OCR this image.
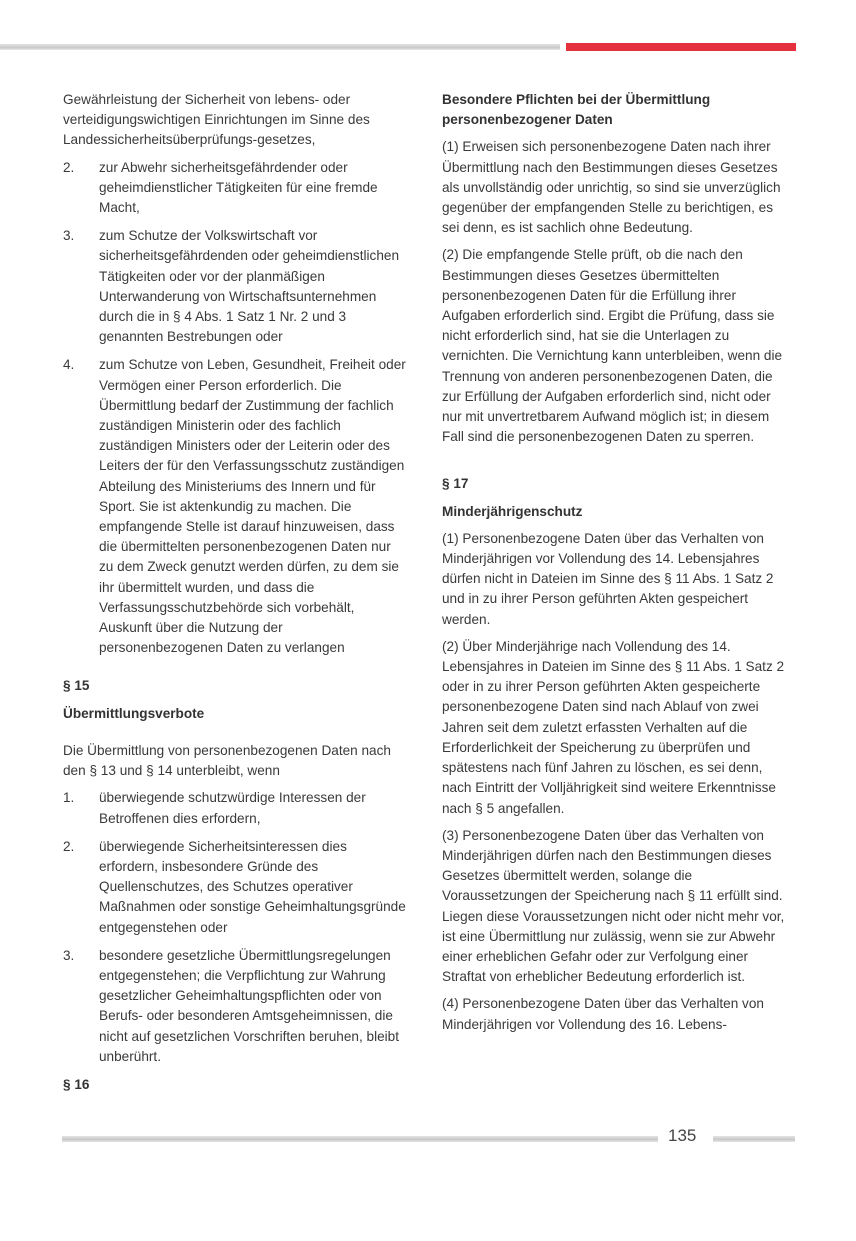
Gewährleistung der Sicherheit von lebens- oder verteidigungswichtigen Einrichtungen im Sinne des Landessicherheitsüberprüfungs-gesetzes,

2.	zur Abwehr sicherheitsgefährdender oder geheimdienstlicher Tätigkeiten für eine fremde Macht,
3.	zum Schutze der Volkswirtschaft vor sicherheitsgefährdenden oder geheimdienstlichen Tätigkeiten oder vor der planmäßigen Unterwanderung von Wirtschaftsunternehmen durch die in § 4 Abs. 1 Satz 1 Nr. 2 und 3 genannten Bestrebungen oder
4.	zum Schutze von Leben, Gesundheit, Freiheit oder Vermögen einer Person erforderlich. Die Übermittlung bedarf der Zustimmung der fachlich zuständigen Ministerin oder des fachlich zuständigen Ministers oder der Leiterin oder des Leiters der für den Verfassungsschutz zuständigen Abteilung des Ministeriums des Innern und für Sport. Sie ist aktenkundig zu machen. Die empfangende Stelle ist darauf hinzuweisen, dass die übermittelten personenbezogenen Daten nur zu dem Zweck genutzt werden dürfen, zu dem sie ihr übermittelt wurden, und dass die Verfassungsschutzbehörde sich vorbehält, Auskunft über die Nutzung der personenbezogenen Daten zu verlangen

§ 15

Übermittlungsverbote

Die Übermittlung von personenbezogenen Daten nach den § 13 und § 14 unterbleibt, wenn

1.	überwiegende schutzwürdige Interessen der Betroffenen dies erfordern,
2.	überwiegende Sicherheitsinteressen dies erfordern, insbesondere Gründe des Quellenschutzes, des Schutzes operativer Maßnahmen oder sonstige Geheimhaltungsgründe entgegenstehen oder
3.	besondere gesetzliche Übermittlungsregelungen entgegenstehen; die Verpflichtung zur Wahrung gesetzlicher Geheimhaltungspflichten oder von Berufs- oder besonderen Amtsgeheimnissen, die nicht auf gesetzlichen Vorschriften beruhen, bleibt unberührt.

§ 16

Besondere Pflichten bei der Übermittlung personenbezogener Daten

(1) Erweisen sich personenbezogene Daten nach ihrer Übermittlung nach den Bestimmungen dieses Gesetzes als unvollständig oder unrichtig, so sind sie unverzüglich gegenüber der empfangenden Stelle zu berichtigen, es sei denn, es ist sachlich ohne Bedeutung.

(2) Die empfangende Stelle prüft, ob die nach den Bestimmungen dieses Gesetzes übermittelten personenbezogenen Daten für die Erfüllung ihrer Aufgaben erforderlich sind. Ergibt die Prüfung, dass sie nicht erforderlich sind, hat sie die Unterlagen zu vernichten. Die Vernichtung kann unterbleiben, wenn die Trennung von anderen personenbezogenen Daten, die zur Erfüllung der Aufgaben erforderlich sind, nicht oder nur mit unvertretbarem Aufwand möglich ist; in diesem Fall sind die personenbezogenen Daten zu sperren.

§ 17

Minderjährigenschutz

(1) Personenbezogene Daten über das Verhalten von Minderjährigen vor Vollendung des 14. Lebensjahres dürfen nicht in Dateien im Sinne des § 11 Abs. 1 Satz 2 und in zu ihrer Person geführten Akten gespeichert werden.

(2) Über Minderjährige nach Vollendung des 14. Lebensjahres in Dateien im Sinne des § 11 Abs. 1 Satz 2 oder in zu ihrer Person geführten Akten gespeicherte personenbezogene Daten sind nach Ablauf von zwei Jahren seit dem zuletzt erfassten Verhalten auf die Erforderlichkeit der Speicherung zu überprüfen und spätestens nach fünf Jahren zu löschen, es sei denn, nach Eintritt der Volljährigkeit sind weitere Erkenntnisse nach § 5 angefallen.

(3) Personenbezogene Daten über das Verhalten von Minderjährigen dürfen nach den Bestimmungen dieses Gesetzes übermittelt werden, solange die Voraussetzungen der Speicherung nach § 11 erfüllt sind. Liegen diese Voraussetzungen nicht oder nicht mehr vor, ist eine Übermittlung nur zulässig, wenn sie zur Abwehr einer erheblichen Gefahr oder zur Verfolgung einer Straftat von erheblicher Bedeutung erforderlich ist.

(4) Personenbezogene Daten über das Verhalten von Minderjährigen vor Vollendung des 16. Lebens-

135
